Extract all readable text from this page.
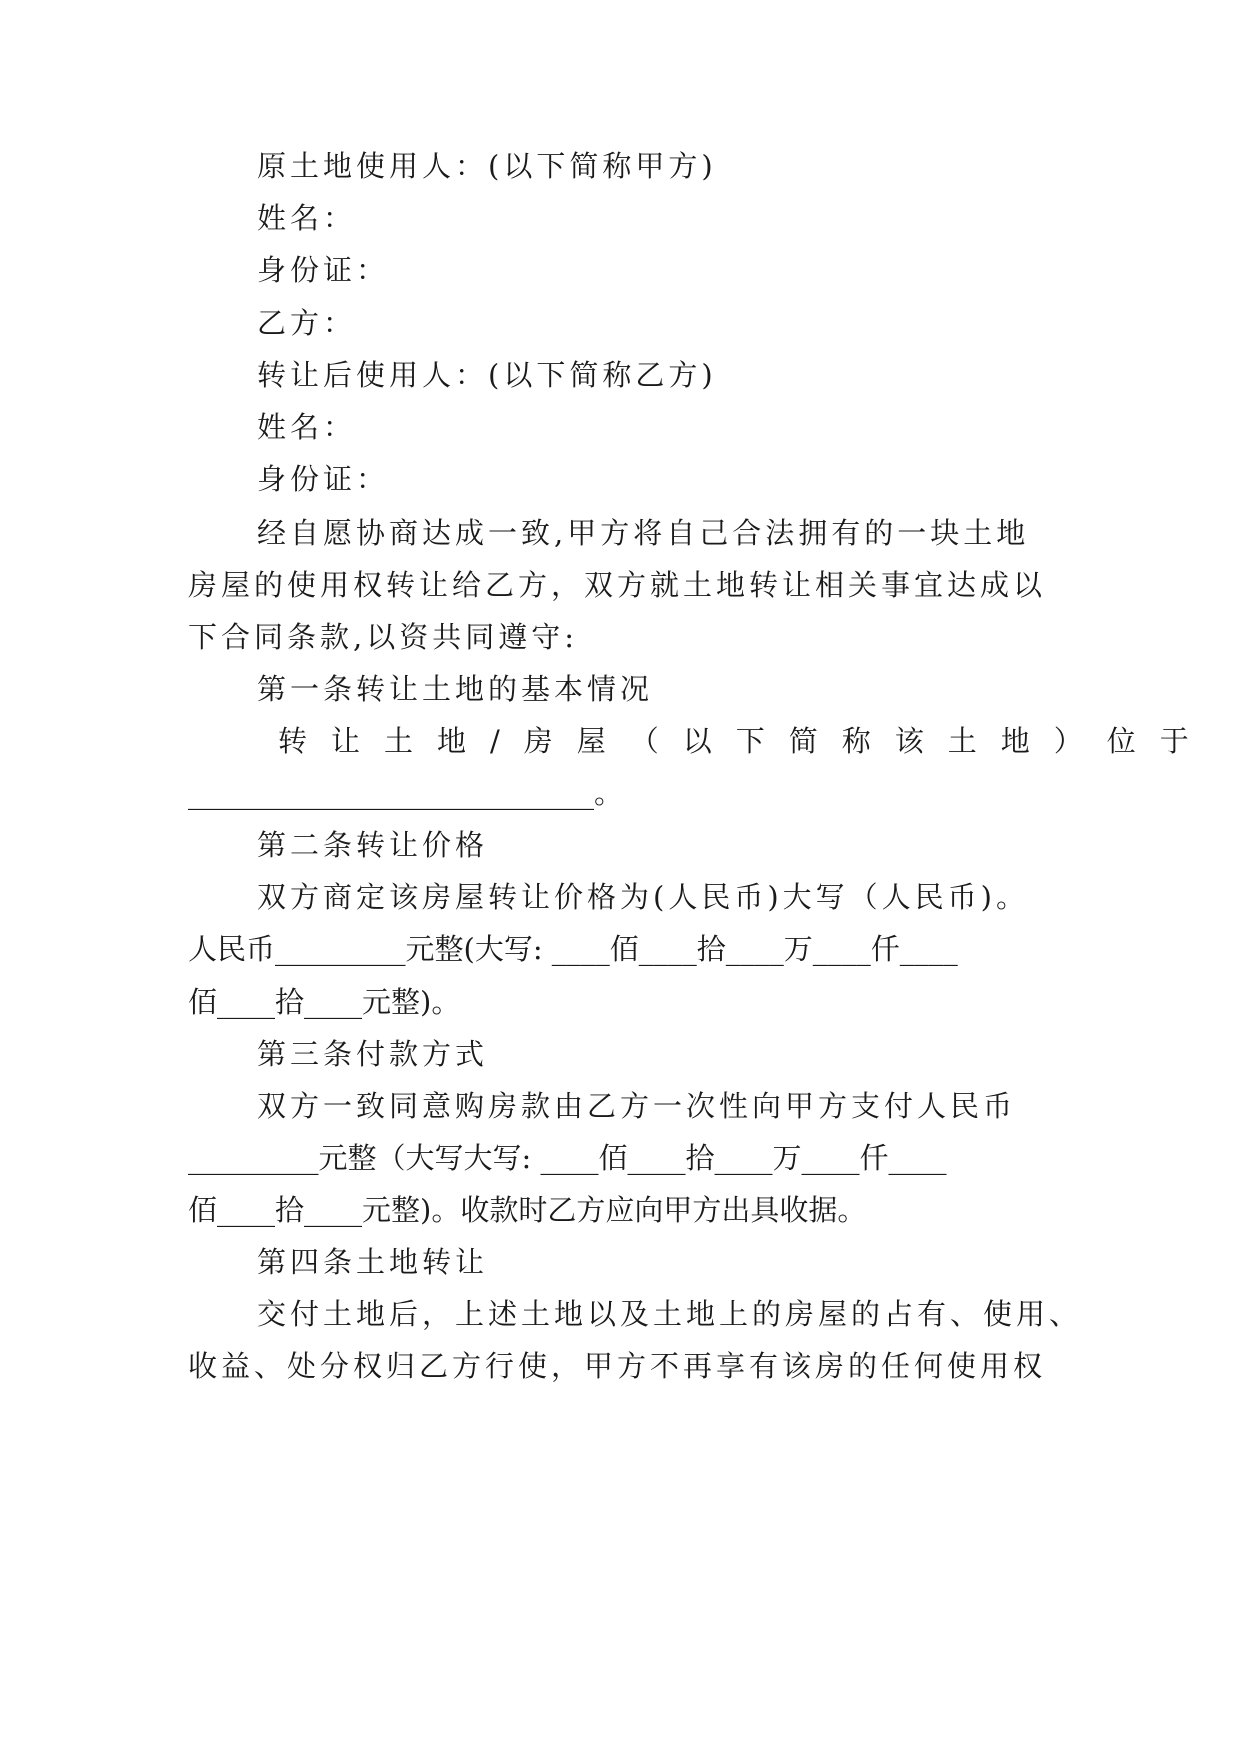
原土地使用人：(以下简称甲方)
姓名：
身份证：
乙方：
转让后使用人：(以下简称乙方)
姓名：
身份证：
经自愿协商达成一致,甲方将自己合法拥有的一块土地
房屋的使用权转让给乙方，双方就土地转让相关事宜达成以
下合同条款,以资共同遵守:
第一条转让土地的基本情况
转让土地/房屋（以下简称该土地）位于
____________________________。
第二条转让价格
双方商定该房屋转让价格为(人民币)大写（人民币)。
人民币_________元整(大写: ____佰____拾____万____仟____
佰____拾____元整)。
第三条付款方式
双方一致同意购房款由乙方一次性向甲方支付人民币
_________元整（大写大写: ____佰____拾____万____仟____
佰____拾____元整)。收款时乙方应向甲方出具收据。
第四条土地转让
交付土地后，上述土地以及土地上的房屋的占有、使用、
收益、处分权归乙方行使，甲方不再享有该房的任何使用权
